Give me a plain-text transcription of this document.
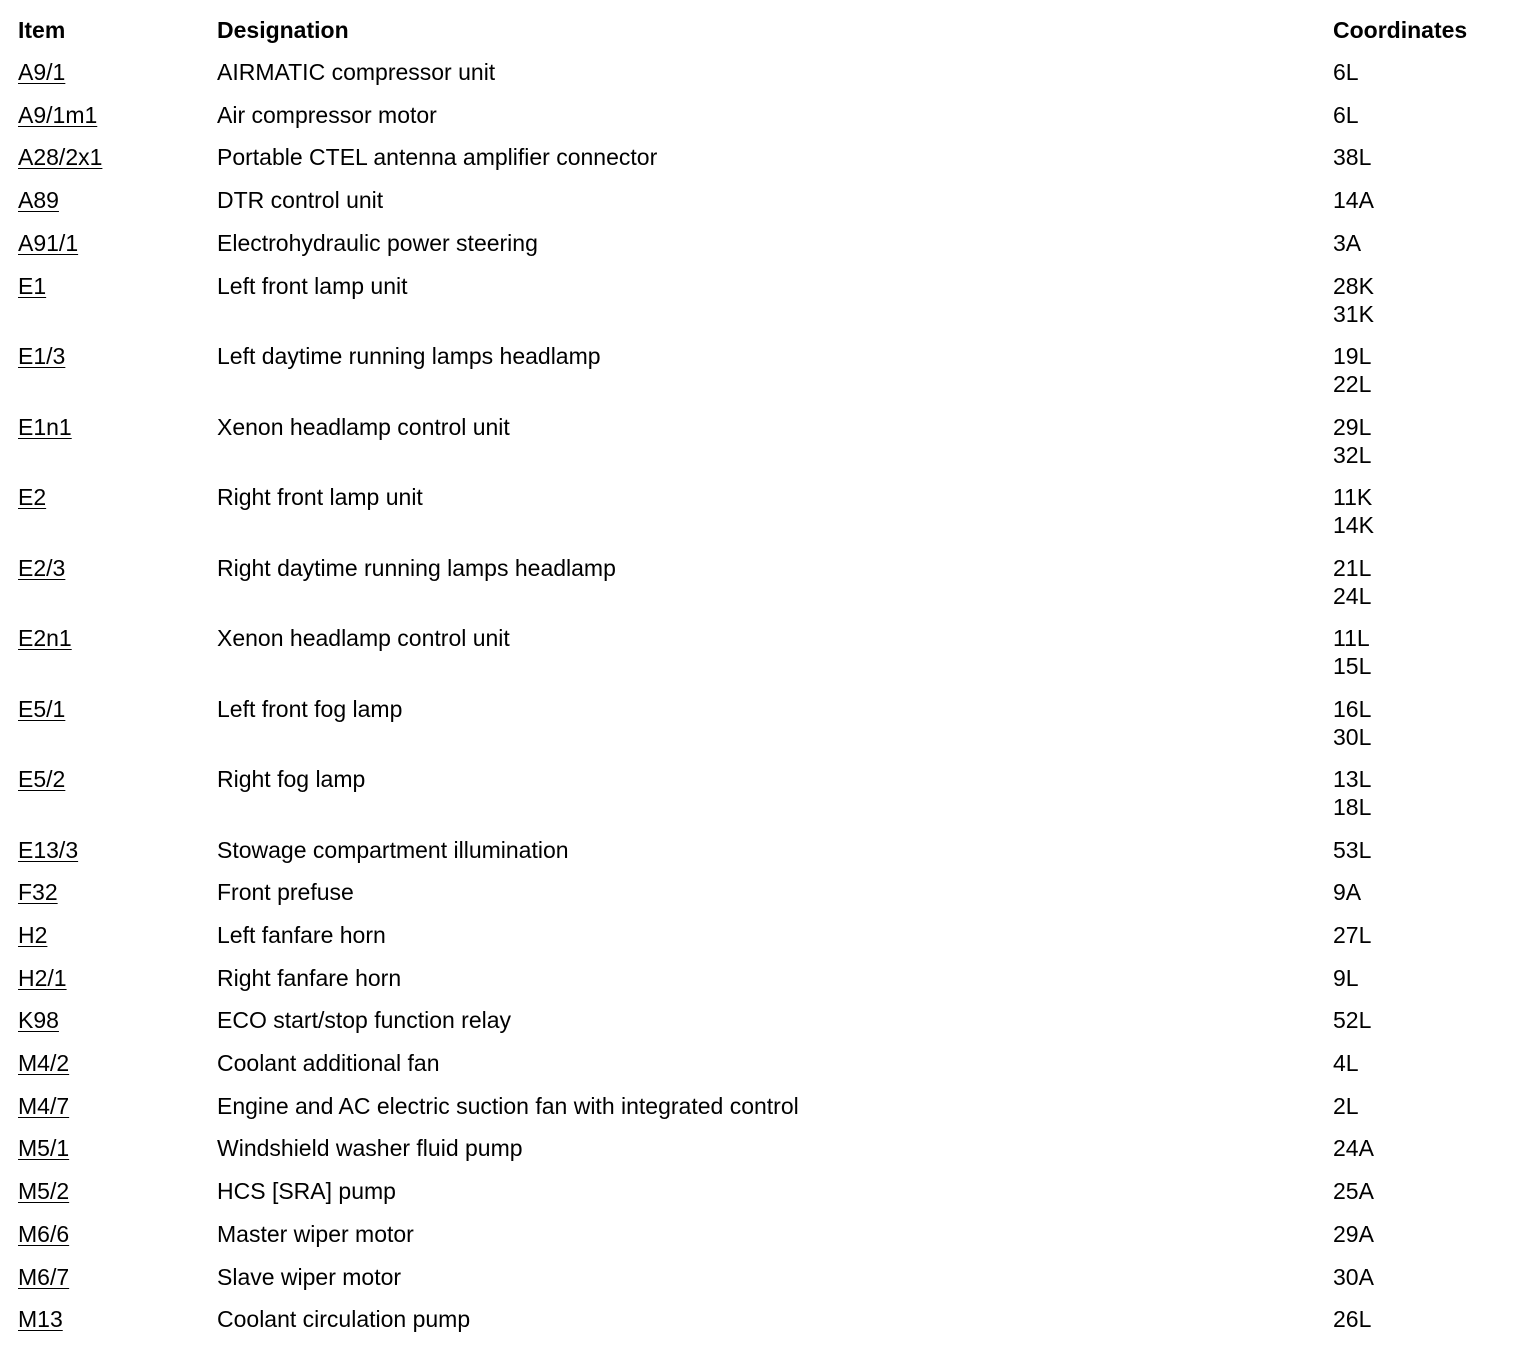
Item	Designation	Coordinates
A9/1	AIRMATIC compressor unit	6L
A9/1m1	Air compressor motor	6L
A28/2x1	Portable CTEL antenna amplifier connector	38L
A89	DTR control unit	14A
A91/1	Electrohydraulic power steering	3A
E1	Left front lamp unit	28K
31K
E1/3	Left daytime running lamps headlamp	19L
22L
E1n1	Xenon headlamp control unit	29L
32L
E2	Right front lamp unit	11K
14K
E2/3	Right daytime running lamps headlamp	21L
24L
E2n1	Xenon headlamp control unit	11L
15L
E5/1	Left front fog lamp	16L
30L
E5/2	Right fog lamp	13L
18L
E13/3	Stowage compartment illumination	53L
F32	Front prefuse	9A
H2	Left fanfare horn	27L
H2/1	Right fanfare horn	9L
K98	ECO start/stop function relay	52L
M4/2	Coolant additional fan	4L
M4/7	Engine and AC electric suction fan with integrated control	2L
M5/1	Windshield washer fluid pump	24A
M5/2	HCS [SRA] pump	25A
M6/6	Master wiper motor	29A
M6/7	Slave wiper motor	30A
M13	Coolant circulation pump	26L
